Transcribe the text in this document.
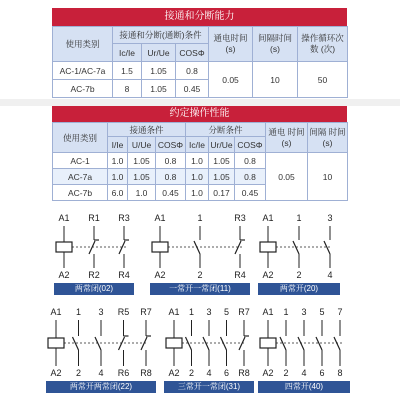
接通和分断能力
使用类别	接通和分断(通断)条件			通电时间 (s)	间隔时间 (s)	操作循环次数 (次)
	Ic/Ie	Ur/Ue	COSΦ			
AC-1/AC-7a	1.5	1.05	0.8	0.05	10	50
AC-7b	8	1.05	0.45			
约定操作性能
使用类别	接通条件			分断条件			通电 时间(s)	间隔 时间(s)
	I/Ie	U/Ue	COSΦ	Ic/Ie	Ur/Ue	COSΦ		
AC-1	1.0	1.05	0.8	1.0	1.05	0.8	0.05	10
AC-7a	1.0	1.05	0.8	1.0	1.05	0.8		
AC-7b	6.0	1.0	0.45	1.0	0.17	0.45		
A1 R1 R3
A2 R2 R4
两常闭(02)
A1	1	R3
A2	2	R4
一常开一常闭(11)
A1	1	3
A2	2	4
两常开(20)
A1 1 3 R5 R7
A2 2 4 R6 R8
两常开两常闭(22)
A1 1 3 5 R7
A2 2 4 6 R8
三常开一常闭(31)
A1 1 3 5 7
A2 2 4 6 8
四常开(40)
